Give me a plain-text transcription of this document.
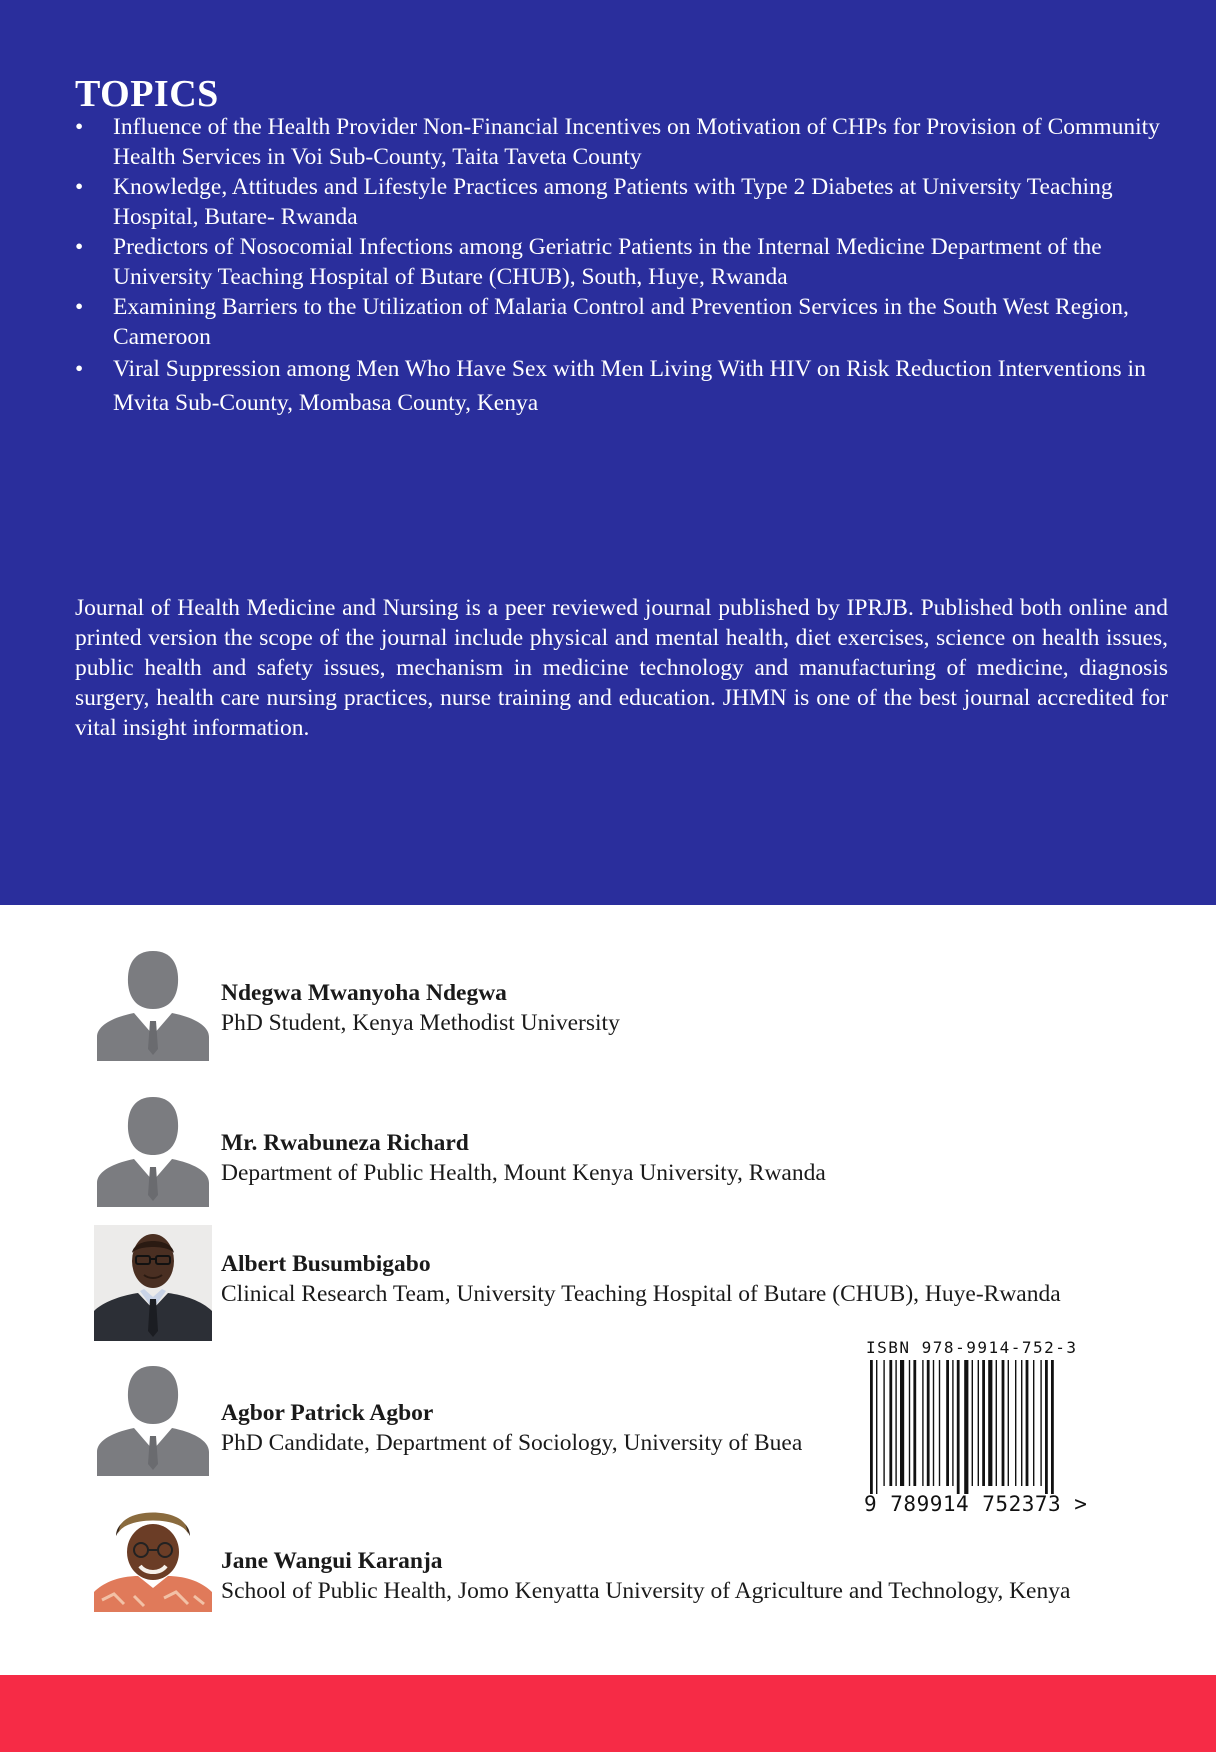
TOPICS
•	Influence of the Health Provider Non-Financial Incentives on Motivation of CHPs for Provision of Community Health Services in Voi Sub-County, Taita Taveta County
•	Knowledge, Attitudes and Lifestyle Practices among Patients with Type 2 Diabetes at University Teaching Hospital, Butare- Rwanda
•	Predictors of Nosocomial Infections among Geriatric Patients in the Internal Medicine Department of the University Teaching Hospital of Butare (CHUB), South, Huye, Rwanda
•	Examining Barriers to the Utilization of Malaria Control and Prevention Services in the South West Region, Cameroon
•	Viral Suppression among Men Who Have Sex with Men Living With HIV on Risk Reduction Interventions in Mvita Sub-County, Mombasa County, Kenya

Journal of Health Medicine and Nursing is a peer reviewed journal published by IPRJB. Published both online and printed version the scope of the journal include physical and mental health, diet exercises, science on health issues, public health and safety issues, mechanism in medicine technology and manufacturing of medicine, diagnosis surgery, health care nursing practices, nurse training and education. JHMN is one of the best journal accredited for vital insight information.

Ndegwa Mwanyoha Ndegwa
PhD Student, Kenya Methodist University
Mr. Rwabuneza Richard
Department of Public Health, Mount Kenya University, Rwanda
Albert Busumbigabo
Clinical Research Team, University Teaching Hospital of Butare (CHUB), Huye-Rwanda
Agbor Patrick Agbor
PhD Candidate, Department of Sociology, University of Buea
Jane Wangui Karanja
School of Public Health, Jomo Kenyatta University of Agriculture and Technology, Kenya
ISBN 978-9914-752-3
9 789914 752373 >
